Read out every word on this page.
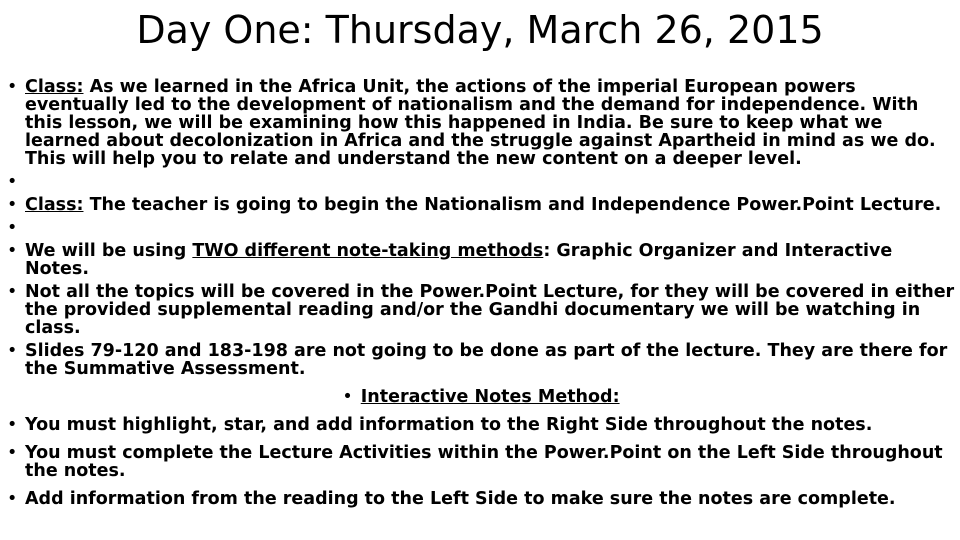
Day One: Thursday, March 26, 2015
• Class: As we learned in the Africa Unit, the actions of the imperial European powers eventually led to the development of nationalism and the demand for independence. With this lesson, we will be examining how this happened in India. Be sure to keep what we learned about decolonization in Africa and the struggle against Apartheid in mind as we do. This will help you to relate and understand the new content on a deeper level.
•
• Class: The teacher is going to begin the Nationalism and Independence Power.Point Lecture.
•
• We will be using TWO different note-taking methods: Graphic Organizer and Interactive Notes.
• Not all the topics will be covered in the Power.Point Lecture, for they will be covered in either the provided supplemental reading and/or the Gandhi documentary we will be watching in class.
• Slides 79-120 and 183-198 are not going to be done as part of the lecture. They are there for the Summative Assessment.
• Interactive Notes Method:
• You must highlight, star, and add information to the Right Side throughout the notes.
• You must complete the Lecture Activities within the Power.Point on the Left Side throughout the notes.
• Add information from the reading to the Left Side to make sure the notes are complete.
